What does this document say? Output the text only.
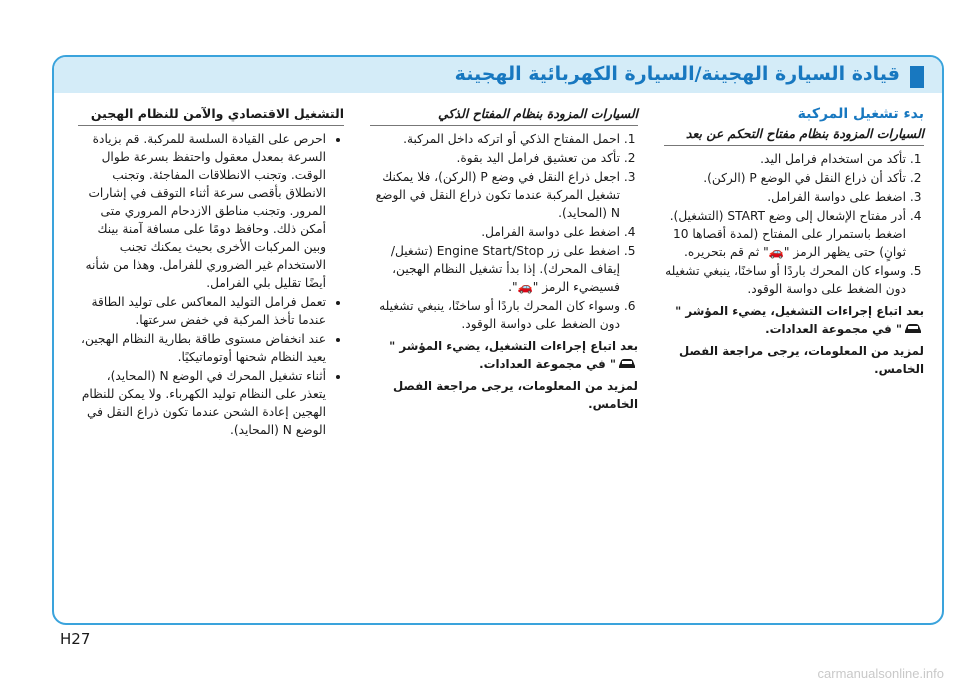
قيادة السيارة الهجينة/السيارة الكهربائية الهجينة
بدء تشغيل المركبة
السيارات المزودة بنظام مفتاح التحكم عن بعد
1. تأكد من استخدام فرامل اليد.
2. تأكد أن ذراع النقل في الوضع P (الركن).
3. اضغط على دواسة الفرامل.
4. أدر مفتاح الإشعال إلى وضع START (التشغيل). اضغط باستمرار على المفتاح (لمدة أقصاها 10 ثوانٍ) حتى يظهر الرمز "🚗" ثم قم بتحريره.
5. وسواء كان المحرك باردًا أو ساخنًا، ينبغي تشغيله دون الضغط على دواسة الوقود.
بعد اتباع إجراءات التشغيل، يضيء المؤشر "" في مجموعة العدادات.
لمزيد من المعلومات، يرجى مراجعة الفصل الخامس.
السيارات المزودة بنظام المفتاح الذكي
1. احمل المفتاح الذكي أو اتركه داخل المركبة.
2. تأكد من تعشيق فرامل اليد بقوة.
3. اجعل ذراع النقل في وضع P (الركن)، فلا يمكنك تشغيل المركبة عندما تكون ذراع النقل في الوضع N (المحايد).
4. اضغط على دواسة الفرامل.
5. اضغط على زر Engine Start/Stop (تشغيل/إيقاف المحرك). إذا بدأ تشغيل النظام الهجين، فسيضيء الرمز "🚗".
6. وسواء كان المحرك باردًا أو ساخنًا، ينبغي تشغيله دون الضغط على دواسة الوقود.
بعد اتباع إجراءات التشغيل، يضيء المؤشر "" في مجموعة العدادات.
لمزيد من المعلومات، يرجى مراجعة الفصل الخامس.
التشغيل الاقتصادي والآمن للنظام الهجين
• احرص على القيادة السلسة للمركبة. قم بزيادة السرعة بمعدل معقول واحتفظ بسرعة طوال الوقت. وتجنب الانطلاقات المفاجئة. وتجنب الانطلاق بأقصى سرعة أثناء التوقف في إشارات المرور. وتجنب مناطق الازدحام المروري متى أمكن ذلك. وحافظ دومًا على مسافة آمنة بينك وبين المركبات الأخرى بحيث يمكنك تجنب الاستخدام غير الضروري للفرامل. وهذا من شأنه أيضًا تقليل بلي الفرامل.
• تعمل فرامل التوليد المعاكس على توليد الطاقة عندما تأخذ المركبة في خفض سرعتها.
• عند انخفاض مستوى طاقة بطارية النظام الهجين، يعيد النظام شحنها أوتوماتيكيًا.
• أثناء تشغيل المحرك في الوضع N (المحايد)، يتعذر على النظام توليد الكهرباء. ولا يمكن للنظام الهجين إعادة الشحن عندما تكون ذراع النقل في الوضع N (المحايد).
H27
carmanualsonline.info
